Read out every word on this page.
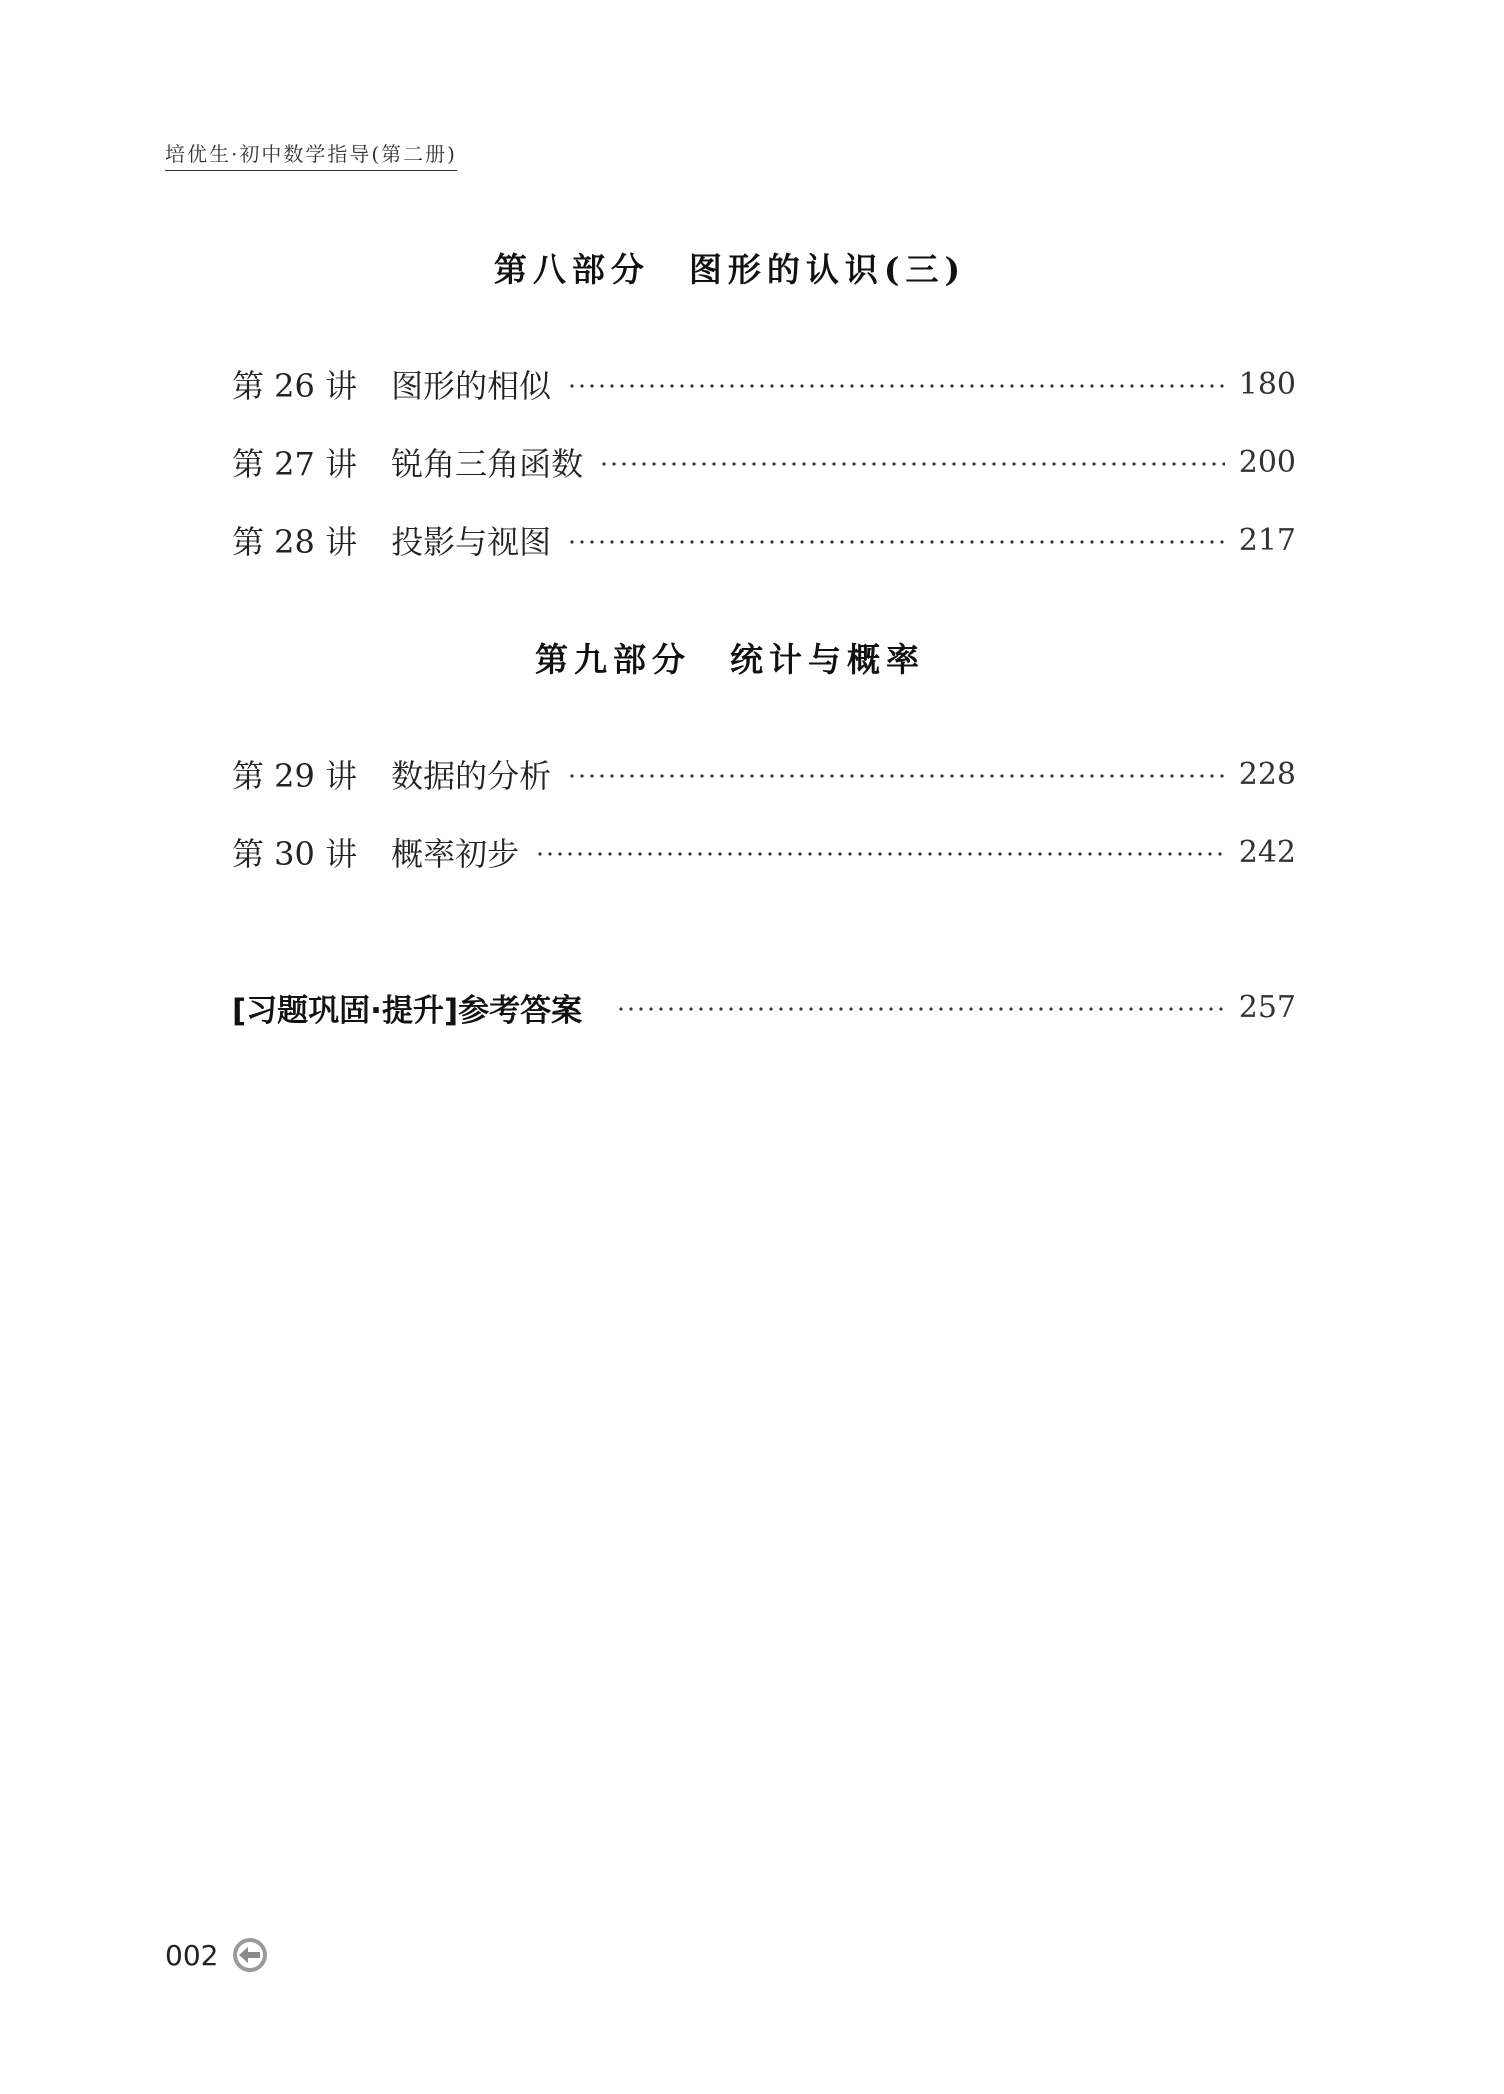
培优生·初中数学指导(第二册)
第八部分　图形的认识(三)
第 26 讲 图形的相似	180
第 27 讲 锐角三角函数	200
第 28 讲 投影与视图	217
第九部分　统计与概率
第 29 讲 数据的分析	228
第 30 讲 概率初步	242
[习题巩固·提升]参考答案	257
002
